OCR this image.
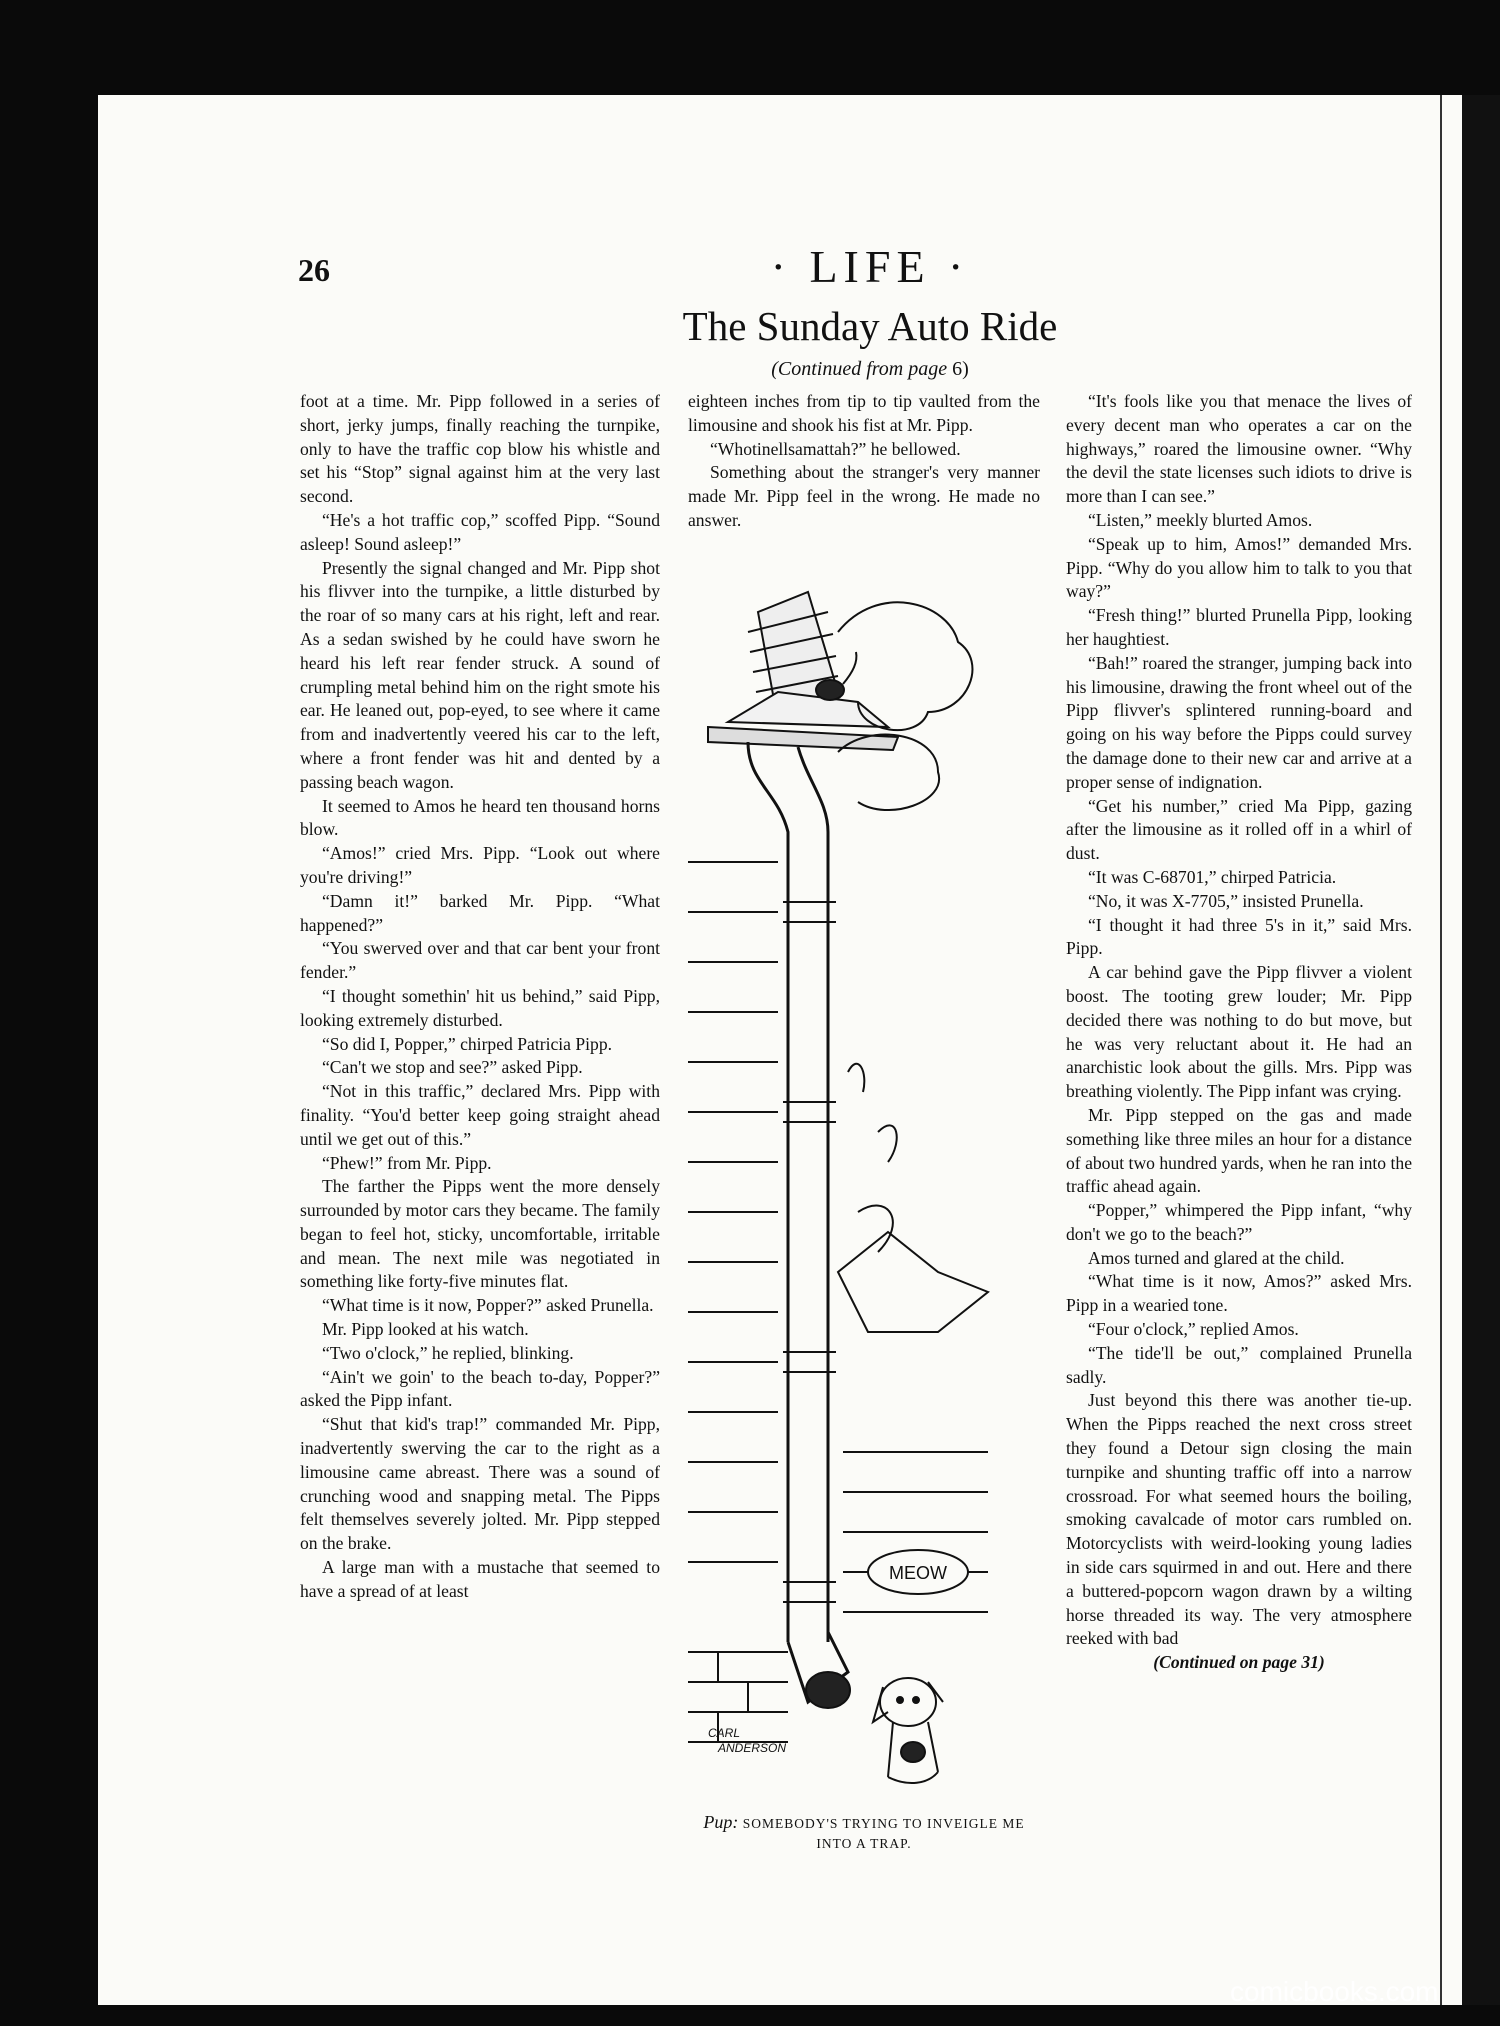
26	· LIFE ·
The Sunday Auto Ride
(Continued from page 6)

foot at a time. Mr. Pipp followed in a series of short, jerky jumps, finally reaching the turnpike, only to have the traffic cop blow his whistle and set his “Stop” signal against him at the very last second.

“He's a hot traffic cop,” scoffed Pipp. “Sound asleep! Sound asleep!”

Presently the signal changed and Mr. Pipp shot his flivver into the turnpike, a little disturbed by the roar of so many cars at his right, left and rear. As a sedan swished by he could have sworn he heard his left rear fender struck. A sound of crumpling metal behind him on the right smote his ear. He leaned out, pop-eyed, to see where it came from and inadvertently veered his car to the left, where a front fender was hit and dented by a passing beach wagon.

It seemed to Amos he heard ten thousand horns blow.

“Amos!” cried Mrs. Pipp. “Look out where you're driving!”

“Damn it!” barked Mr. Pipp. “What happened?”

“You swerved over and that car bent your front fender.”

“I thought somethin' hit us behind,” said Pipp, looking extremely disturbed.

“So did I, Popper,” chirped Patricia Pipp.

“Can't we stop and see?” asked Pipp.

“Not in this traffic,” declared Mrs. Pipp with finality. “You'd better keep going straight ahead until we get out of this.”

“Phew!” from Mr. Pipp.

The farther the Pipps went the more densely surrounded by motor cars they became. The family began to feel hot, sticky, uncomfortable, irritable and mean. The next mile was negotiated in something like forty-five minutes flat.

“What time is it now, Popper?” asked Prunella.

Mr. Pipp looked at his watch.

“Two o'clock,” he replied, blinking.

“Ain't we goin' to the beach to-day, Popper?” asked the Pipp infant.

“Shut that kid's trap!” commanded Mr. Pipp, inadvertently swerving the car to the right as a limousine came abreast. There was a sound of crunching wood and snapping metal. The Pipps felt themselves severely jolted. Mr. Pipp stepped on the brake.

A large man with a mustache that seemed to have a spread of at least

eighteen inches from tip to tip vaulted from the limousine and shook his fist at Mr. Pipp.

“Whotinellsamattah?” he bellowed.

Something about the stranger's very manner made Mr. Pipp feel in the wrong. He made no answer.

MEOW
CARL
ANDERSON
Pup: SOMEBODY'S TRYING TO INVEIGLE ME INTO A TRAP.

“It's fools like you that menace the lives of every decent man who operates a car on the highways,” roared the limousine owner. “Why the devil the state licenses such idiots to drive is more than I can see.”

“Listen,” meekly blurted Amos.

“Speak up to him, Amos!” demanded Mrs. Pipp. “Why do you allow him to talk to you that way?”

“Fresh thing!” blurted Prunella Pipp, looking her haughtiest.

“Bah!” roared the stranger, jumping back into his limousine, drawing the front wheel out of the Pipp flivver's splintered running-board and going on his way before the Pipps could survey the damage done to their new car and arrive at a proper sense of indignation.

“Get his number,” cried Ma Pipp, gazing after the limousine as it rolled off in a whirl of dust.

“It was C-68701,” chirped Patricia.

“No, it was X-7705,” insisted Prunella.

“I thought it had three 5's in it,” said Mrs. Pipp.

A car behind gave the Pipp flivver a violent boost. The tooting grew louder; Mr. Pipp decided there was nothing to do but move, but he was very reluctant about it. He had an anarchistic look about the gills. Mrs. Pipp was breathing violently. The Pipp infant was crying.

Mr. Pipp stepped on the gas and made something like three miles an hour for a distance of about two hundred yards, when he ran into the traffic ahead again.

“Popper,” whimpered the Pipp infant, “why don't we go to the beach?”

Amos turned and glared at the child.

“What time is it now, Amos?” asked Mrs. Pipp in a wearied tone.

“Four o'clock,” replied Amos.

“The tide'll be out,” complained Prunella sadly.

Just beyond this there was another tie-up. When the Pipps reached the next cross street they found a Detour sign closing the main turnpike and shunting traffic off into a narrow crossroad. For what seemed hours the boiling, smoking cavalcade of motor cars rumbled on. Motorcyclists with weird-looking young ladies in side cars squirmed in and out. Here and there a buttered-popcorn wagon drawn by a wilting horse threaded its way. The very atmosphere reeked with bad

(Continued on page 31)

comicbooks.com
